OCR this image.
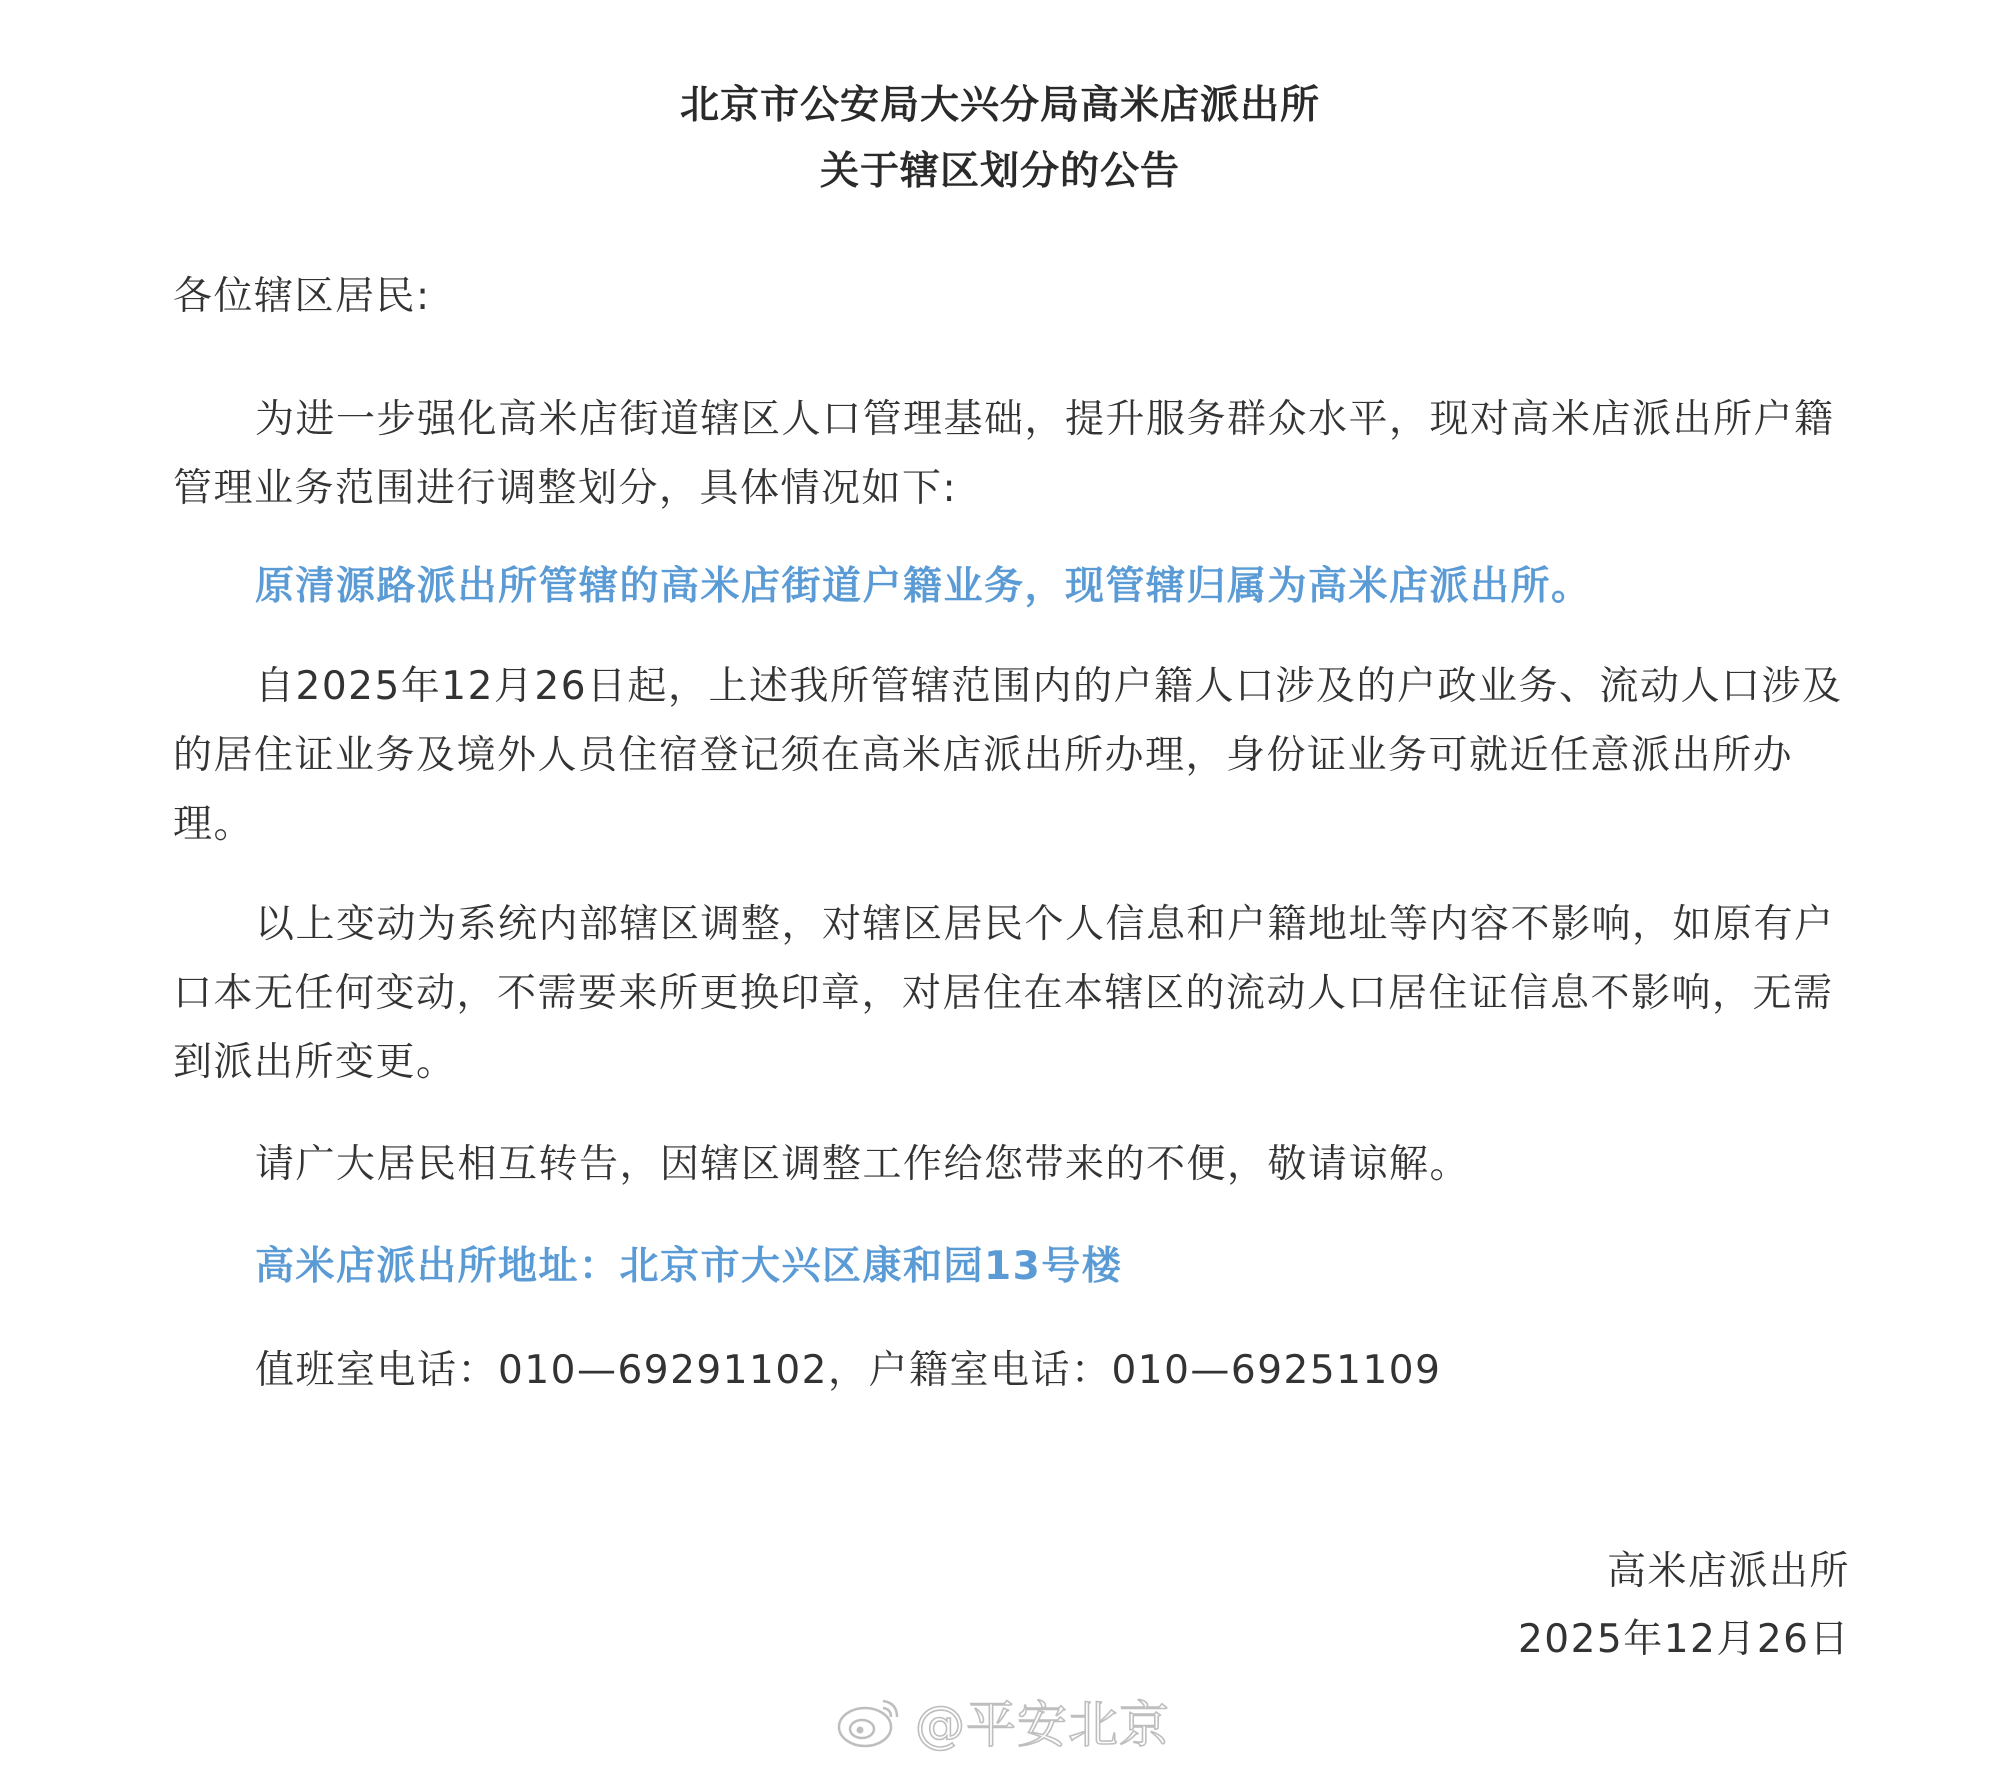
北京市公安局大兴分局高米店派出所
关于辖区划分的公告
各位辖区居民:
为进一步强化高米店街道辖区人口管理基础，提升服务群众水平，现对高米店派出所户籍管理业务范围进行调整划分，具体情况如下:
原清源路派出所管辖的高米店街道户籍业务，现管辖归属为高米店派出所。
自2025年12月26日起，上述我所管辖范围内的户籍人口涉及的户政业务、流动人口涉及的居住证业务及境外人员住宿登记须在高米店派出所办理，身份证业务可就近任意派出所办理。
以上变动为系统内部辖区调整，对辖区居民个人信息和户籍地址等内容不影响，如原有户口本无任何变动，不需要来所更换印章，对居住在本辖区的流动人口居住证信息不影响，无需到派出所变更。
请广大居民相互转告，因辖区调整工作给您带来的不便，敬请谅解。
高米店派出所地址：北京市大兴区康和园13号楼
值班室电话：010—69291102，户籍室电话：010—69251109
高米店派出所
2025年12月26日
@平安北京
